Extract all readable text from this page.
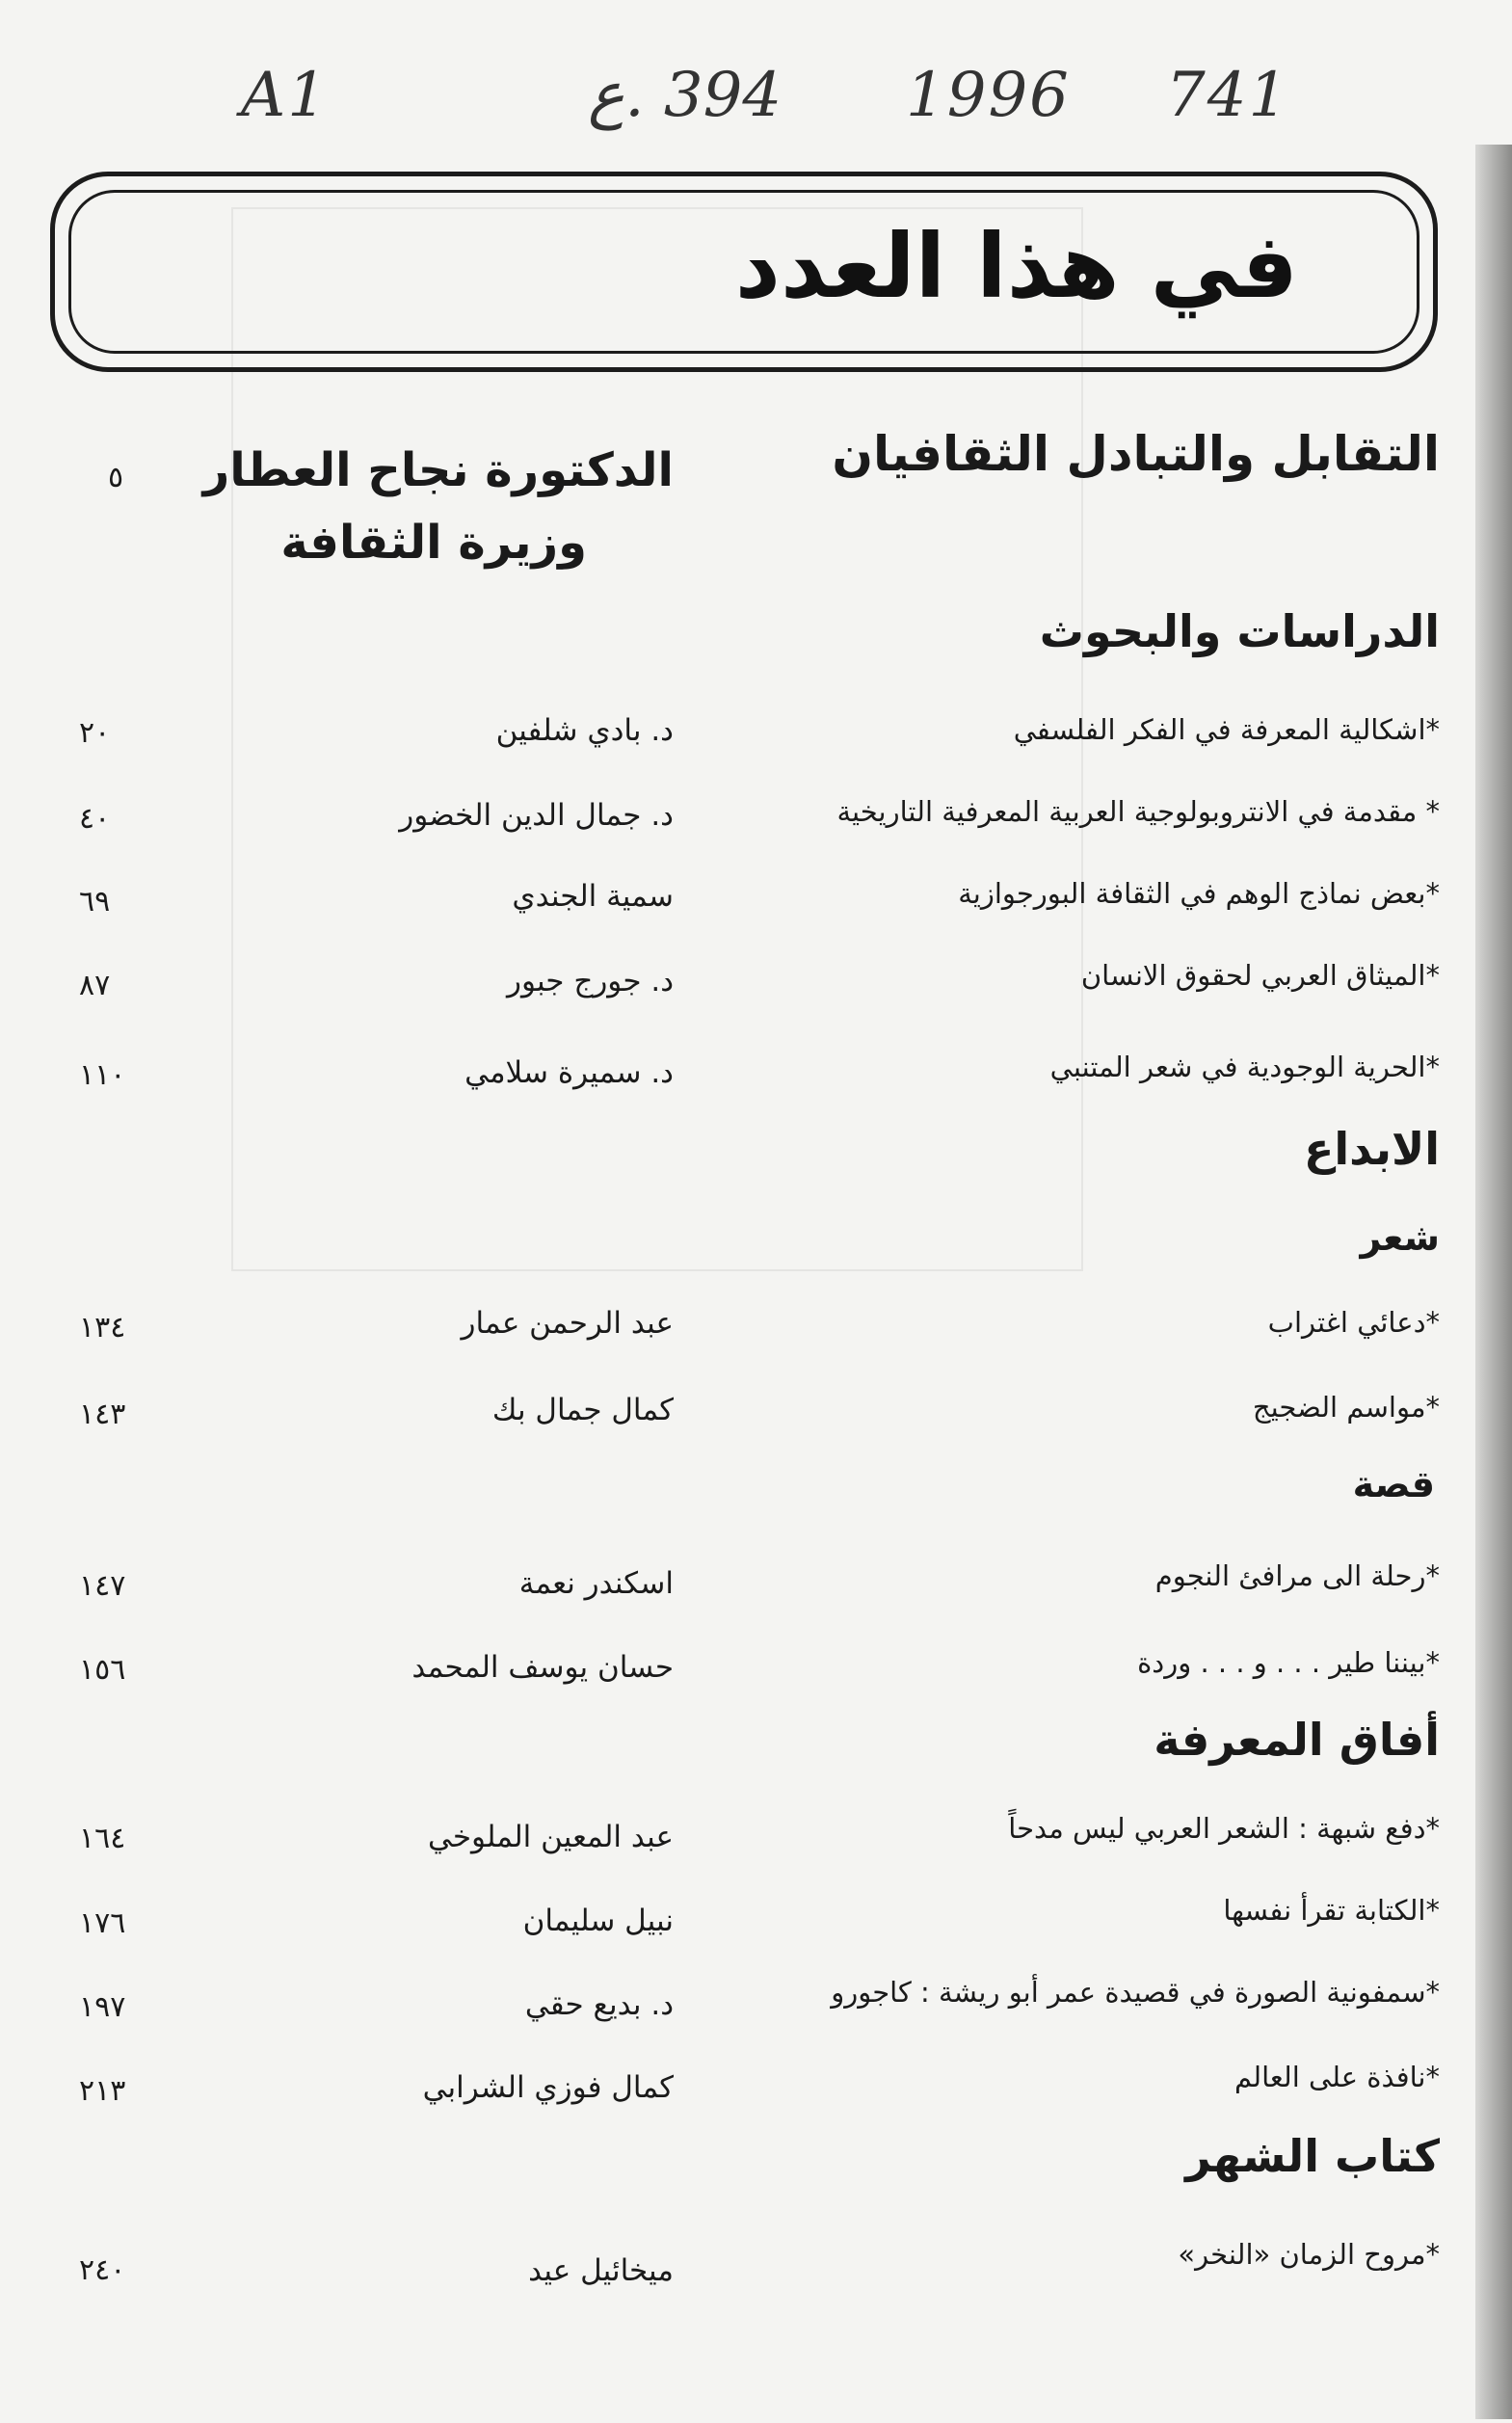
A1	394 .ع 1996 741
في هذا العدد
التقابل والتبادل الثقافيان
الدكتورة نجاح العطار
وزيرة الثقافة
٥
الدراسات والبحوث
*اشكالية المعرفة في الفكر الفلسفي
د. بادي شلفين
٢٠
* مقدمة في الانتروبولوجية العربية المعرفية التاريخية
د. جمال الدين الخضور
٤٠
*بعض نماذج الوهم في الثقافة البورجوازية
سمية الجندي
٦٩
*الميثاق العربي لحقوق الانسان
د. جورج جبور
٨٧
*الحرية الوجودية في شعر المتنبي
د. سميرة سلامي
١١٠
الابداع
شعر
*دعائي اغتراب
عبد الرحمن عمار
١٣٤
*مواسم الضجيج
كمال جمال بك
١٤٣
قصة
*رحلة الى مرافئ النجوم
اسكندر نعمة
١٤٧
*بيننا طير . . . و . . . وردة
حسان يوسف المحمد
١٥٦
أفاق المعرفة
*دفع شبهة : الشعر العربي ليس مدحاً
عبد المعين الملوخي
١٦٤
*الكتابة تقرأ نفسها
نبيل سليمان
١٧٦
*سمفونية الصورة في قصيدة عمر أبو ريشة : كاجورو
د. بديع حقي
١٩٧
*نافذة على العالم
كمال فوزي الشرابي
٢١٣
كتاب الشهر
*مروح الزمان «النخر»
ميخائيل عيد
٢٤٠
